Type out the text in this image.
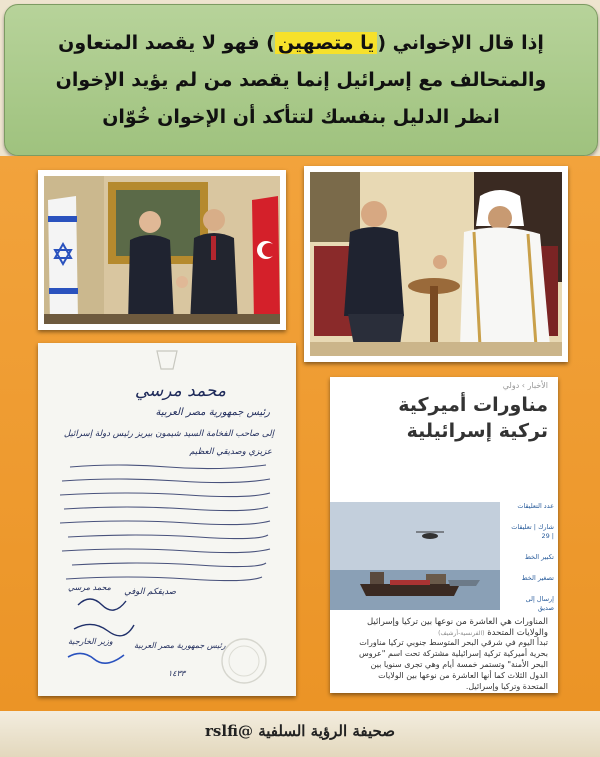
إذا قال الإخواني (يا متصهين) فهو لا يقصد المتعاون
والمتحالف مع إسرائيل إنما يقصد من لم يؤيد الإخوان
انظر الدليل بنفسك لتتأكد أن الإخوان خُوّان
محمد مرسي
رئيس جمهورية مصر العربية
إلى صاحب الفخامة السيد شيمون بيريز رئيس دولة إسرائيل
عزيزي وصديقي العظيم
صديقكم الوفي
محمد مرسي
وزير الخارجية	رئيس جمهورية مصر العربية
١٤٣٣
الأخبار › دولي
مناورات أميركية تركية إسرائيلية
عدد التعليقات
شارك | تعليقات | 29
تكبير الخط
تصغير الخط
إرسال إلى صديق
المناورات هي العاشرة من نوعها بين تركيا وإسرائيل والولايات المتحدة (الفرنسية-أرشيف)
تبدأ اليوم في شرقي البحر المتوسط جنوبي تركيا مناورات بحرية أميركية تركية إسرائيلية مشتركة تحت اسم "عروس البحر الأمنة" وتستمر خمسة أيام وهي تجرى سنويا بين الدول الثلاث كما أنها العاشرة من نوعها بين الولايات المتحدة وتركيا وإسرائيل.
صحيفة الرؤية السلفية @rslfi
